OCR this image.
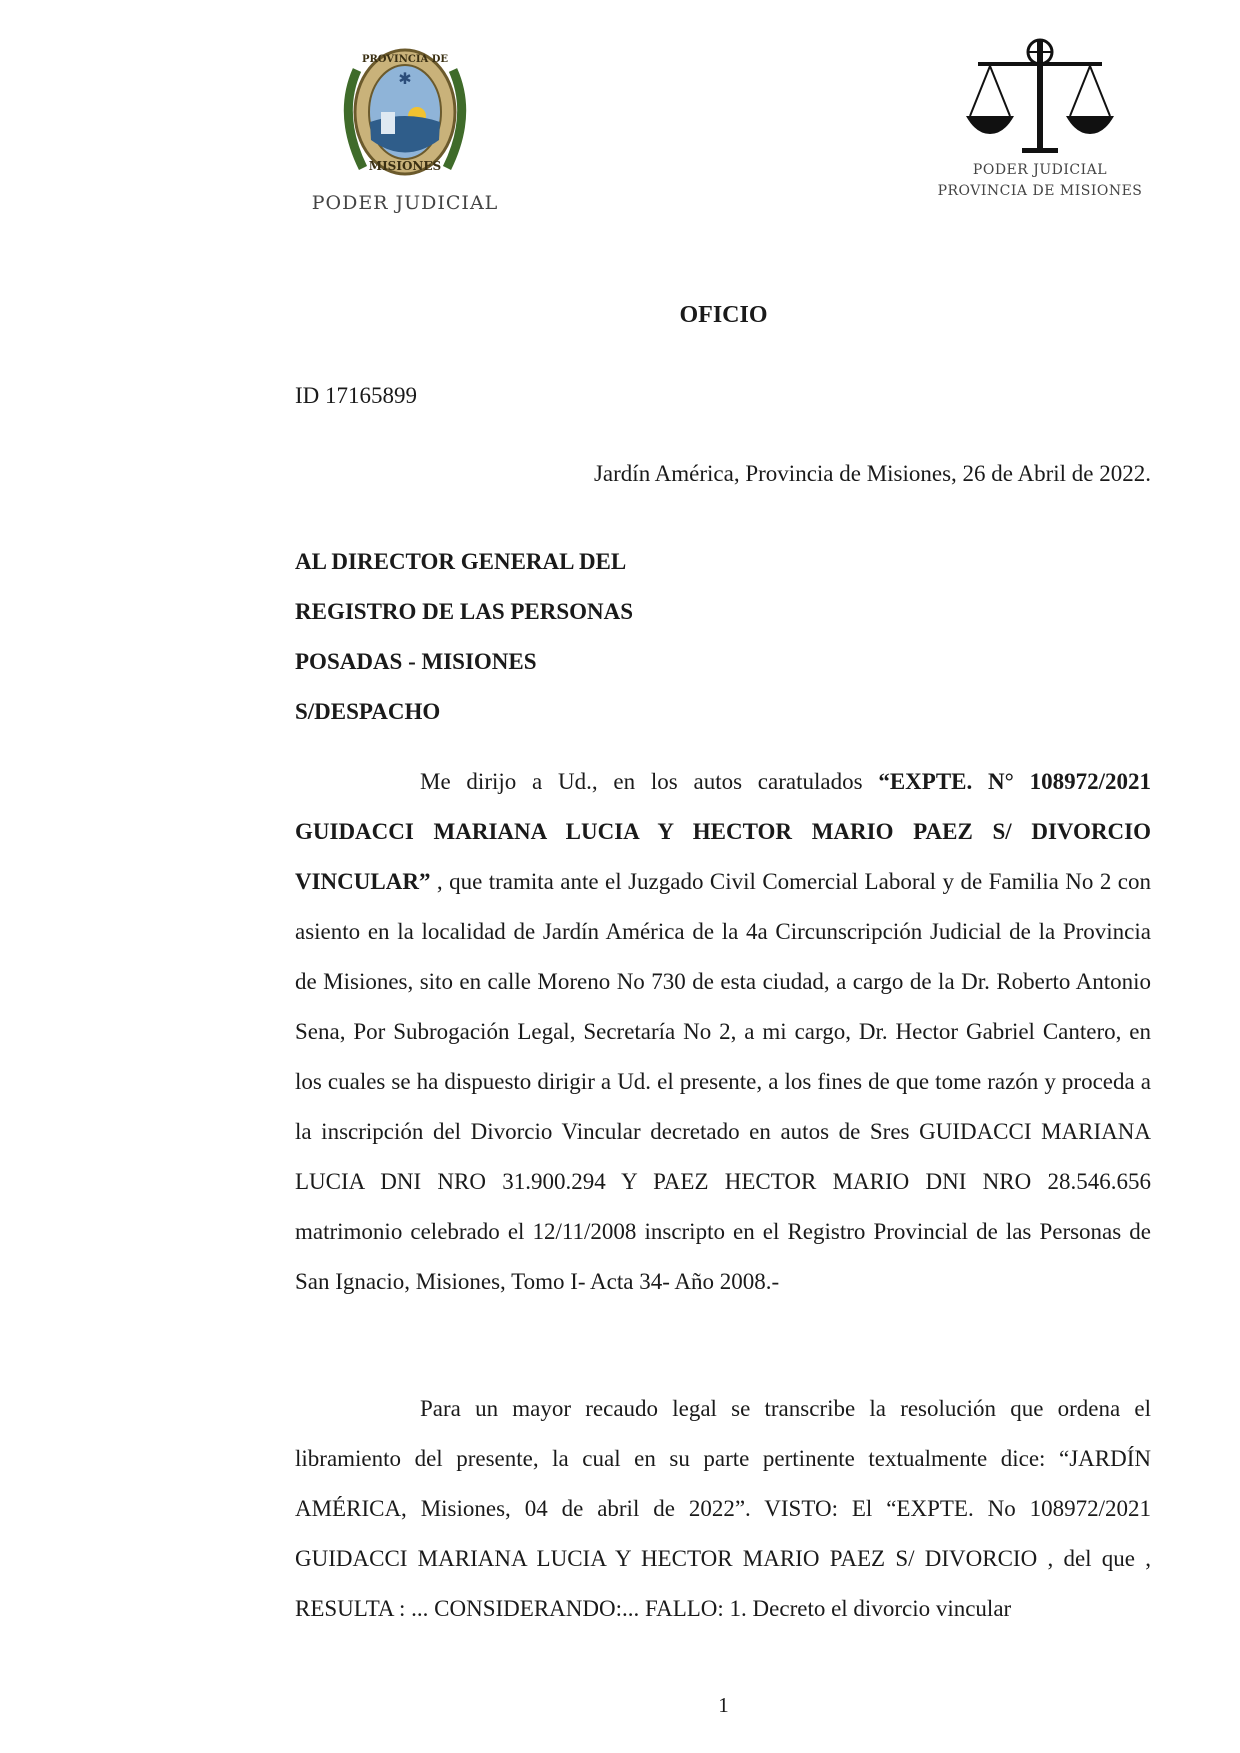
✱
PROVINCIA DE
MISIONES
PODER JUDICIAL
PODER JUDICIAL
PROVINCIA DE MISIONES
OFICIO
ID 17165899
Jardín América, Provincia de Misiones, 26 de Abril de 2022.
AL DIRECTOR GENERAL DEL
REGISTRO DE LAS PERSONAS
POSADAS - MISIONES
S/DESPACHO

Me dirijo a Ud., en los autos caratulados “EXPTE. N° 108972/2021 GUIDACCI MARIANA LUCIA Y HECTOR MARIO PAEZ S/ DIVORCIO VINCULAR” , que tramita ante el Juzgado Civil Comercial Laboral y de Familia No 2 con asiento en la localidad de Jardín América de la 4a Circunscripción Judicial de la Provincia de Misiones, sito en calle Moreno No 730 de esta ciudad, a cargo de la Dr. Roberto Antonio Sena, Por Subrogación Legal, Secretaría No 2, a mi cargo, Dr. Hector Gabriel Cantero, en los cuales se ha dispuesto dirigir a Ud. el presente, a los fines de que tome razón y proceda a la inscripción del Divorcio Vincular decretado en autos de Sres GUIDACCI MARIANA LUCIA DNI NRO 31.900.294 Y PAEZ HECTOR MARIO DNI NRO 28.546.656 matrimonio celebrado el 12/11/2008 inscripto en el Registro Provincial de las Personas de San Ignacio, Misiones, Tomo I- Acta 34- Año 2008.-

Para un mayor recaudo legal se transcribe la resolución que ordena el libramiento del presente, la cual en su parte pertinente textualmente dice: “JARDÍN AMÉRICA, Misiones, 04 de abril de 2022”. VISTO: El “EXPTE. No 108972/2021 GUIDACCI MARIANA LUCIA Y HECTOR MARIO PAEZ S/ DIVORCIO , del que , RESULTA : ... CONSIDERANDO:... FALLO: 1. Decreto el divorcio vincular

1
